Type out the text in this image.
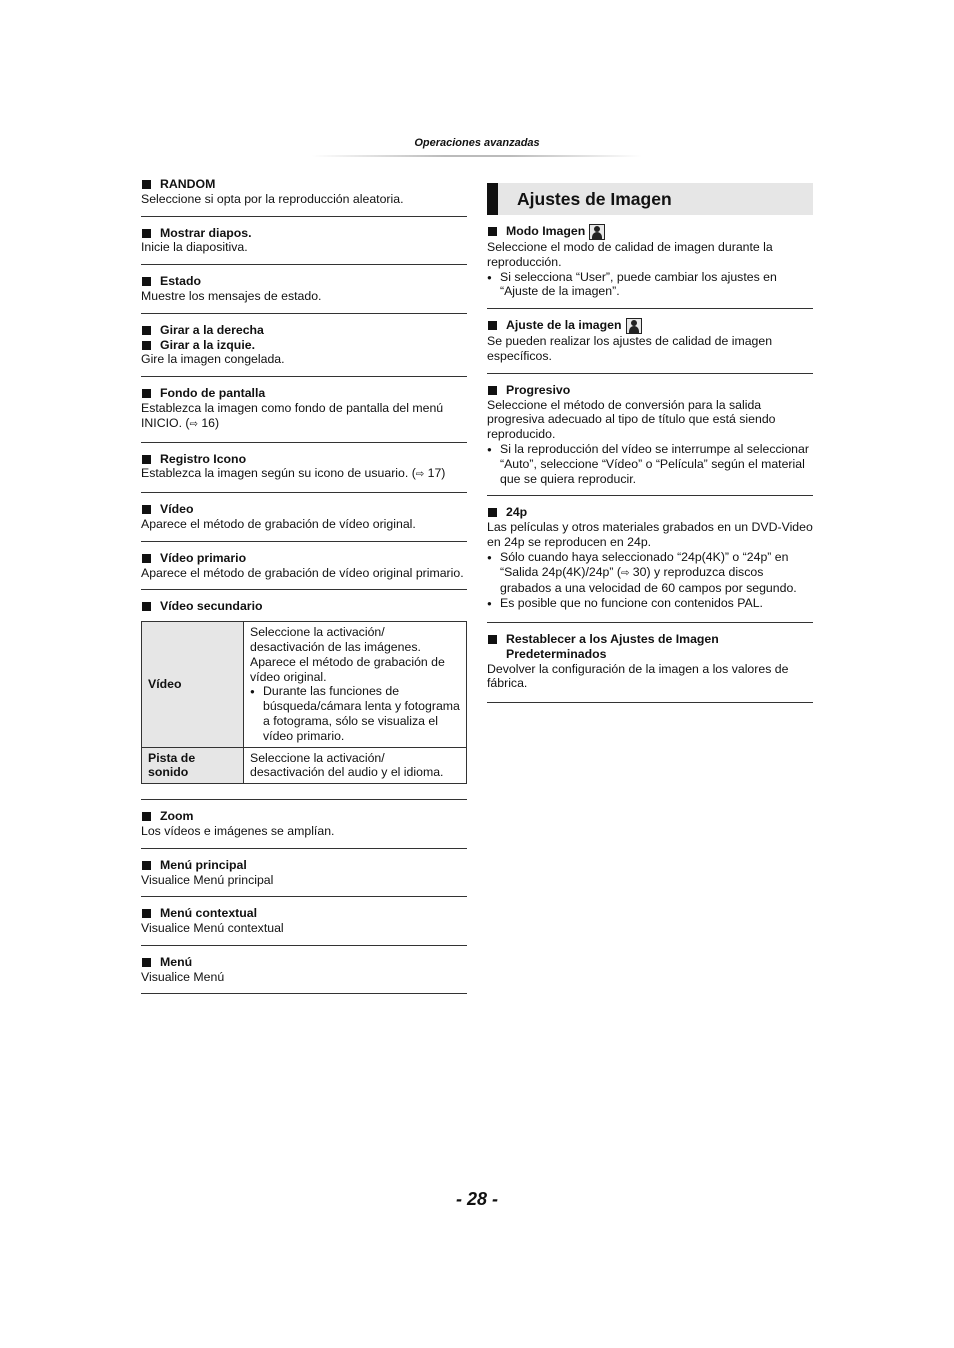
Operaciones avanzadas
RANDOM
Seleccione si opta por la reproducción aleatoria.
Mostrar diapos.
Inicie la diapositiva.
Estado
Muestre los mensajes de estado.
Girar a la derecha
Girar a la izquie.
Gire la imagen congelada.
Fondo de pantalla
Establezca la imagen como fondo de pantalla del menú INICIO. (⇨ 16)
Registro Icono
Establezca la imagen según su icono de usuario. (⇨ 17)
Vídeo
Aparece el método de grabación de vídeo original.
Vídeo primario
Aparece el método de grabación de vídeo original primario.
Vídeo secundario
Vídeo	Seleccione la activación/ desactivación de las imágenes. Aparece el método de grabación de vídeo original.
●
Durante las funciones de búsqueda/cámara lenta y fotograma a fotograma, sólo se visualiza el vídeo primario.

Pista de sonido	Seleccione la activación/ desactivación del audio y el idioma.
Zoom
Los vídeos e imágenes se amplían.
Menú principal
Visualice Menú principal
Menú contextual
Visualice Menú contextual
Menú
Visualice Menú
Ajustes de Imagen
Modo Imagen
Seleccione el modo de calidad de imagen durante la reproducción.
●
Si selecciona “User”, puede cambiar los ajustes en “Ajuste de la imagen”.
Ajuste de la imagen
Se pueden realizar los ajustes de calidad de imagen específicos.
Progresivo
Seleccione el método de conversión para la salida progresiva adecuado al tipo de título que está siendo reproducido.
●
Si la reproducción del vídeo se interrumpe al seleccionar “Auto”, seleccione “Vídeo” o “Película” según el material que se quiera reproducir.
24p
Las películas y otros materiales grabados en un DVD-Video en 24p se reproducen en 24p.
●
Sólo cuando haya seleccionado “24p(4K)” o “24p” en “Salida 24p(4K)/24p” (⇨ 30) y reproduzca discos grabados a una velocidad de 60 campos por segundo.
●
Es posible que no funcione con contenidos PAL.
Restablecer a los Ajustes de Imagen Predeterminados
Devolver la configuración de la imagen a los valores de fábrica.
- 28 -
